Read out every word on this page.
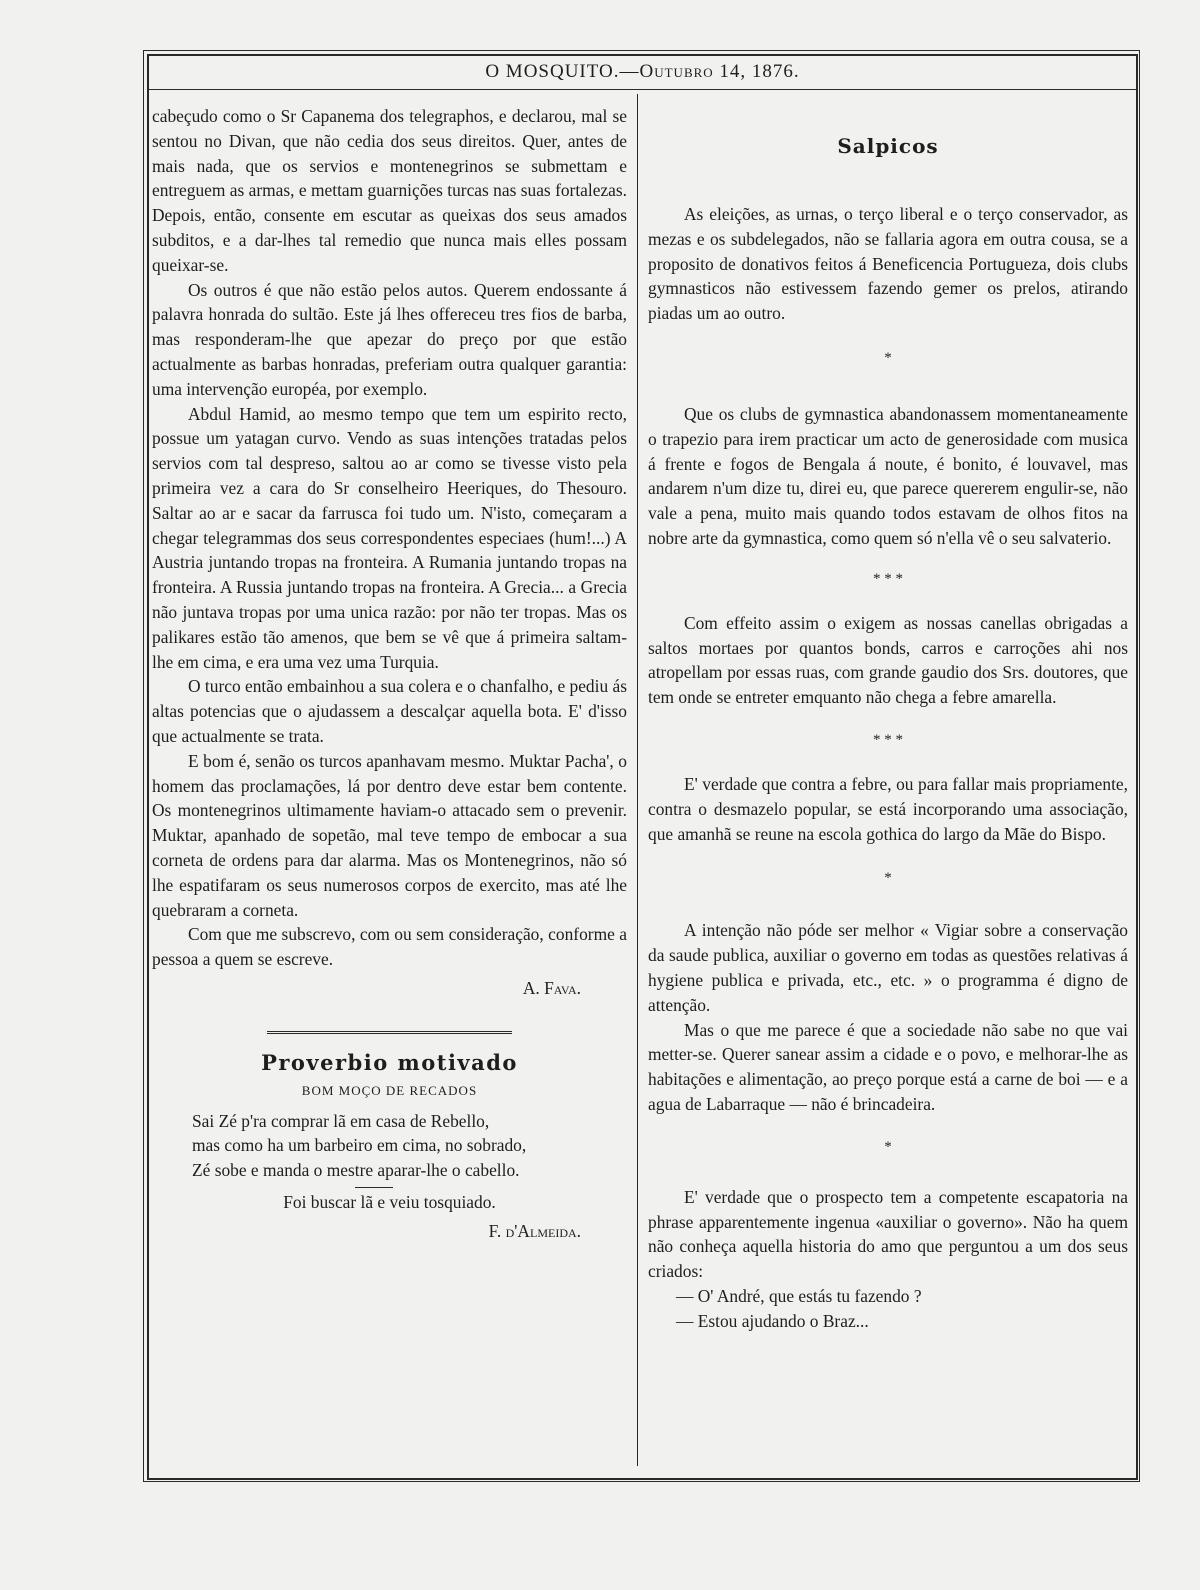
O MOSQUITO.—Outubro 14, 1876.

cabeçudo como o Sr Capanema dos telegraphos, e declarou, mal se sentou no Divan, que não cedia dos seus direitos. Quer, antes de mais nada, que os servios e montenegrinos se submettam e entreguem as armas, e mettam guarnições turcas nas suas fortalezas. Depois, então, consente em escutar as queixas dos seus amados subditos, e a dar-lhes tal remedio que nunca mais elles possam queixar-se.

Os outros é que não estão pelos autos. Querem endossante á palavra honrada do sultão. Este já lhes offereceu tres fios de barba, mas responderam-lhe que apezar do preço por que estão actualmente as barbas honradas, preferiam outra qualquer garantia: uma intervenção européa, por exemplo.

Abdul Hamid, ao mesmo tempo que tem um espirito recto, possue um yatagan curvo. Vendo as suas intenções tratadas pelos servios com tal despreso, saltou ao ar como se tivesse visto pela primeira vez a cara do Sr conselheiro Heeriques, do Thesouro. Saltar ao ar e sacar da farrusca foi tudo um. N'isto, começaram a chegar telegrammas dos seus correspondentes especiaes (hum!...) A Austria juntando tropas na fronteira. A Rumania juntando tropas na fronteira. A Russia juntando tropas na fronteira. A Grecia... a Grecia não juntava tropas por uma unica razão: por não ter tropas. Mas os palikares estão tão amenos, que bem se vê que á primeira saltam-lhe em cima, e era uma vez uma Turquia.

O turco então embainhou a sua colera e o chanfalho, e pediu ás altas potencias que o ajudassem a descalçar aquella bota. E' d'isso que actualmente se trata.

E bom é, senão os turcos apanhavam mesmo. Muktar Pacha', o homem das proclamações, lá por dentro deve estar bem contente. Os montenegrinos ultimamente haviam-o attacado sem o prevenir. Muktar, apanhado de sopetão, mal teve tempo de embocar a sua corneta de ordens para dar alarma. Mas os Montenegrinos, não só lhe espatifaram os seus numerosos corpos de exercito, mas até lhe quebraram a corneta.

Com que me subscrevo, com ou sem consideração, conforme a pessoa a quem se escreve.

A. Fava.

Proverbio motivado
BOM MOÇO DE RECADOS
Sai Zé p'ra comprar lã em casa de Rebello,
mas como ha um barbeiro em cima, no sobrado,
Zé sobe e manda o mestre aparar-lhe o cabello.
Foi buscar lã e veiu tosquiado.

F. d'Almeida.

Salpicos

As eleições, as urnas, o terço liberal e o terço conservador, as mezas e os subdelegados, não se fallaria agora em outra cousa, se a proposito de donativos feitos á Beneficencia Portugueza, dois clubs gymnasticos não estivessem fazendo gemer os prelos, atirando piadas um ao outro.

*

Que os clubs de gymnastica abandonassem momentaneamente o trapezio para irem practicar um acto de generosidade com musica á frente e fogos de Bengala á noute, é bonito, é louvavel, mas andarem n'um dize tu, direi eu, que parece quererem engulir-se, não vale a pena, muito mais quando todos estavam de olhos fitos na nobre arte da gymnastica, como quem só n'ella vê o seu salvaterio.

* * *

Com effeito assim o exigem as nossas canellas obrigadas a saltos mortaes por quantos bonds, carros e carroções ahi nos atropellam por essas ruas, com grande gaudio dos Srs. doutores, que tem onde se entreter emquanto não chega a febre amarella.

* * *

E' verdade que contra a febre, ou para fallar mais propriamente, contra o desmazelo popular, se está incorporando uma associação, que amanhã se reune na escola gothica do largo da Mãe do Bispo.

*

A intenção não póde ser melhor « Vigiar sobre a conservação da saude publica, auxiliar o governo em todas as questões relativas á hygiene publica e privada, etc., etc. » o programma é digno de attenção.

Mas o que me parece é que a sociedade não sabe no que vai metter-se. Querer sanear assim a cidade e o povo, e melhorar-lhe as habitações e alimentação, ao preço porque está a carne de boi — e a agua de Labarraque — não é brincadeira.

*

E' verdade que o prospecto tem a competente escapatoria na phrase apparentemente ingenua «auxiliar o governo». Não ha quem não conheça aquella historia do amo que perguntou a um dos seus criados:

— O' André, que estás tu fazendo ?

— Estou ajudando o Braz...
